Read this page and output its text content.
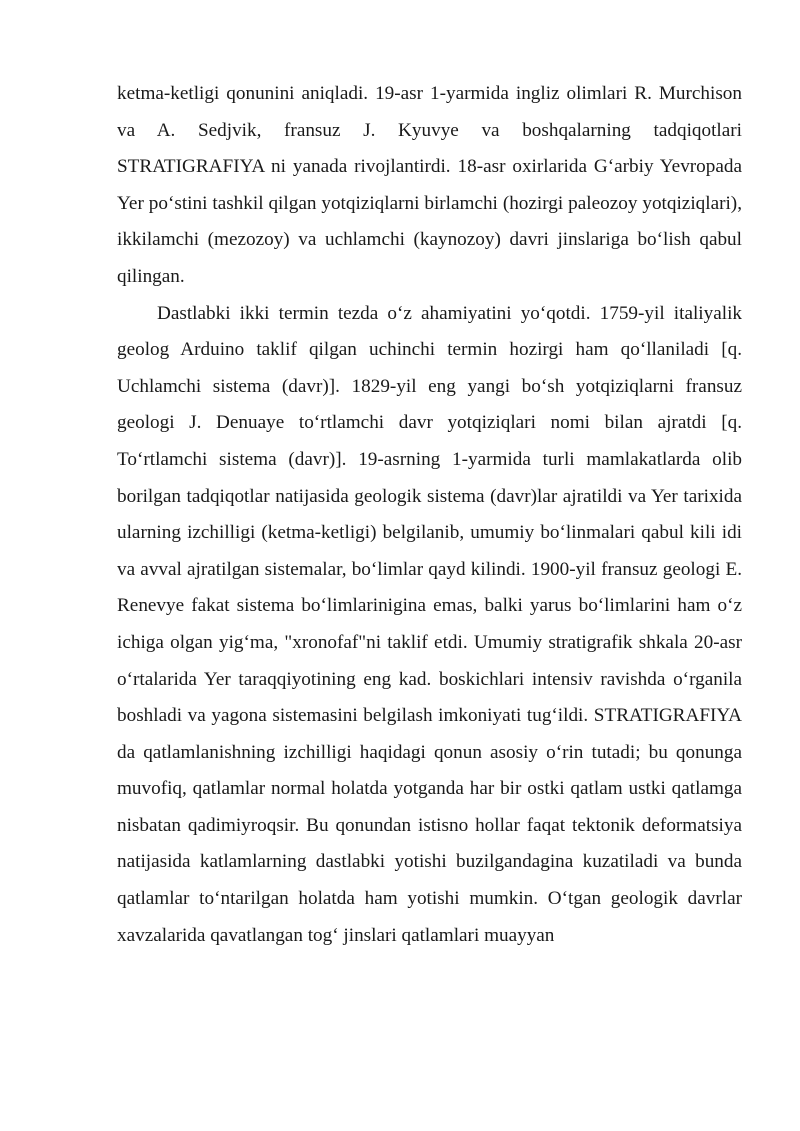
ketma-ketligi qonunini aniqladi. 19-asr 1-yarmida ingliz olimlari R. Murchison va A. Sedjvik, fransuz J. Kyuvye va boshqalarning tadqiqotlari STRATIGRAFIYA ni yanada rivojlantirdi. 18-asr oxirlarida G‘arbiy Yevropada Yer po‘stini tashkil qilgan yotqiziqlarni birlamchi (hozirgi paleozoy yotqiziqlari), ikkilamchi (mezozoy) va uchlamchi (kaynozoy) davri jinslariga bo‘lish qabul qilingan.

Dastlabki ikki termin tezda o‘z ahamiyatini yo‘qotdi. 1759-yil italiyalik geolog Arduino taklif qilgan uchinchi termin hozirgi ham qo‘llaniladi [q. Uchlamchi sistema (davr)]. 1829-yil eng yangi bo‘sh yotqiziqlarni fransuz geologi J. Denuaye to‘rtlamchi davr yotqiziqlari nomi bilan ajratdi [q. To‘rtlamchi sistema (davr)]. 19-asrning 1-yarmida turli mamlakatlarda olib borilgan tadqiqotlar natijasida geologik sistema (davr)lar ajratildi va Yer tarixida ularning izchilligi (ketma-ketligi) belgilanib, umumiy bo‘linmalari qabul kili idi va avval ajratilgan sistemalar, bo‘limlar qayd kilindi. 1900-yil fransuz geologi E. Renevye fakat sistema bo‘limlarinigina emas, balki yarus bo‘limlarini ham o‘z ichiga olgan yig‘ma, "xronofaf"ni taklif etdi. Umumiy stratigrafik shkala 20-asr o‘rtalarida Yer taraqqiyotining eng kad. boskichlari intensiv ravishda o‘rganila boshladi va yagona sistemasini belgilash imkoniyati tug‘ildi. STRATIGRAFIYA da qatlamlanishning izchilligi haqidagi qonun asosiy o‘rin tutadi; bu qonunga muvofiq, qatlamlar normal holatda yotganda har bir ostki qatlam ustki qatlamga nisbatan qadimiyroqsir. Bu qonundan istisno hollar faqat tektonik deformatsiya natijasida katlamlarning dastlabki yotishi buzilgandagina kuzatiladi va bunda qatlamlar to‘ntarilgan holatda ham yotishi mumkin. O‘tgan geologik davrlar xavzalarida qavatlangan tog‘ jinslari qatlamlari muayyan
